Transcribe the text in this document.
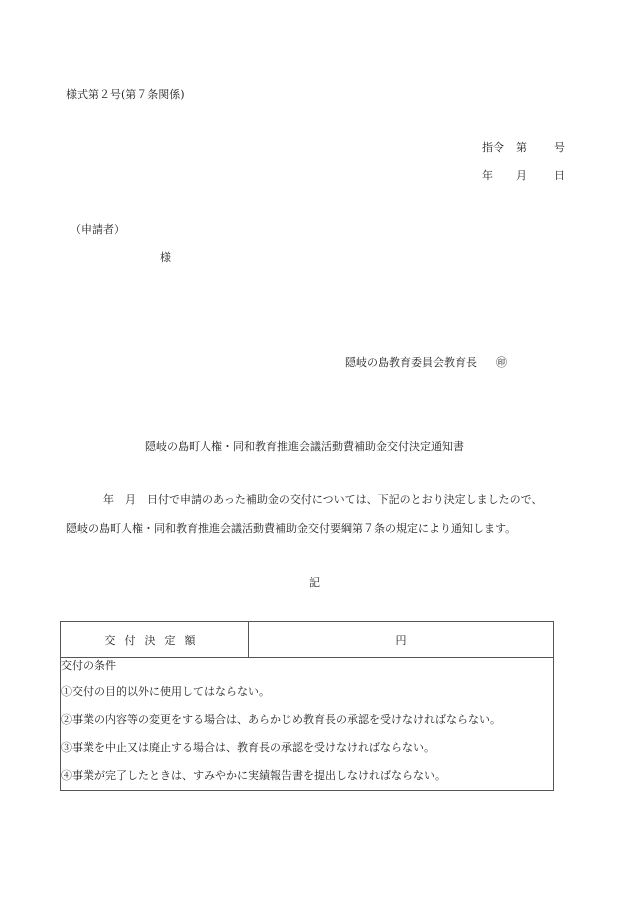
様式第２号(第７条関係)
指令 第 号
年 月 日
（申請者）
様
隠岐の島教育委員会教育長 ㊞
隠岐の島町人権・同和教育推進会議活動費補助金交付決定通知書
年　月　日付で申請のあった補助金の交付については、下記のとおり決定しましたので、
隠岐の島町人権・同和教育推進会議活動費補助金交付要綱第７条の規定により通知します。
記
交付決定額	円

交付の条件
①交付の目的以外に使用してはならない。
②事業の内容等の変更をする場合は、あらかじめ教育長の承認を受けなければならない。
③事業を中止又は廃止する場合は、教育長の承認を受けなければならない。
④事業が完了したときは、すみやかに実績報告書を提出しなければならない。
